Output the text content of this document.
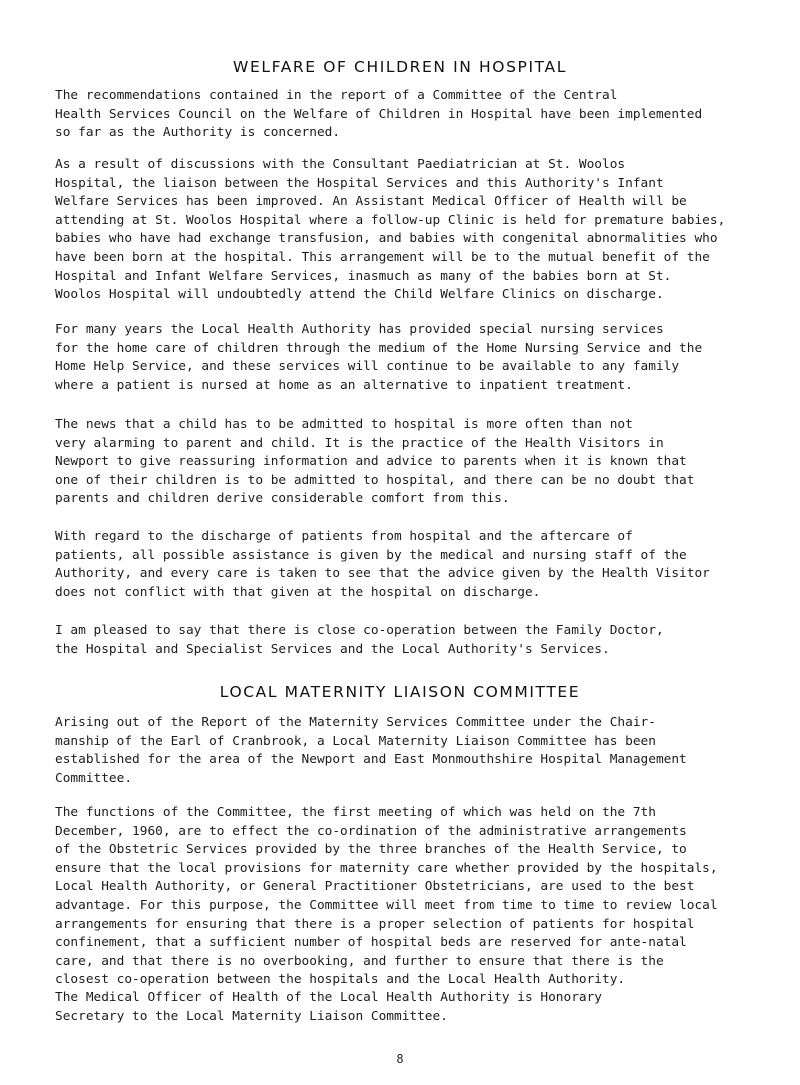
WELFARE OF CHILDREN IN HOSPITAL

The recommendations contained in the report of a Committee of the Central
Health Services Council on the Welfare of Children in Hospital have been implemented
so far as the Authority is concerned.

As a result of discussions with the Consultant Paediatrician at St. Woolos
Hospital, the liaison between the Hospital Services and this Authority's Infant
Welfare Services has been improved. An Assistant Medical Officer of Health will be
attending at St. Woolos Hospital where a follow-up Clinic is held for premature babies,
babies who have had exchange transfusion, and babies with congenital abnormalities who
have been born at the hospital. This arrangement will be to the mutual benefit of the
Hospital and Infant Welfare Services, inasmuch as many of the babies born at St.
Woolos Hospital will undoubtedly attend the Child Welfare Clinics on discharge.

For many years the Local Health Authority has provided special nursing services
for the home care of children through the medium of the Home Nursing Service and the
Home Help Service, and these services will continue to be available to any family
where a patient is nursed at home as an alternative to inpatient treatment.

The news that a child has to be admitted to hospital is more often than not
very alarming to parent and child. It is the practice of the Health Visitors in
Newport to give reassuring information and advice to parents when it is known that
one of their children is to be admitted to hospital, and there can be no doubt that
parents and children derive considerable comfort from this.

With regard to the discharge of patients from hospital and the aftercare of
patients, all possible assistance is given by the medical and nursing staff of the
Authority, and every care is taken to see that the advice given by the Health Visitor
does not conflict with that given at the hospital on discharge.

I am pleased to say that there is close co-operation between the Family Doctor,
the Hospital and Specialist Services and the Local Authority's Services.

LOCAL MATERNITY LIAISON COMMITTEE

Arising out of the Report of the Maternity Services Committee under the Chair-
manship of the Earl of Cranbrook, a Local Maternity Liaison Committee has been
established for the area of the Newport and East Monmouthshire Hospital Management
Committee.

The functions of the Committee, the first meeting of which was held on the 7th
December, 1960, are to effect the co-ordination of the administrative arrangements
of the Obstetric Services provided by the three branches of the Health Service, to
ensure that the local provisions for maternity care whether provided by the hospitals,
Local Health Authority, or General Practitioner Obstetricians, are used to the best
advantage. For this purpose, the Committee will meet from time to time to review local
arrangements for ensuring that there is a proper selection of patients for hospital
confinement, that a sufficient number of hospital beds are reserved for ante-natal
care, and that there is no overbooking, and further to ensure that there is the
closest co-operation between the hospitals and the Local Health Authority.

The Medical Officer of Health of the Local Health Authority is Honorary
Secretary to the Local Maternity Liaison Committee.

8
